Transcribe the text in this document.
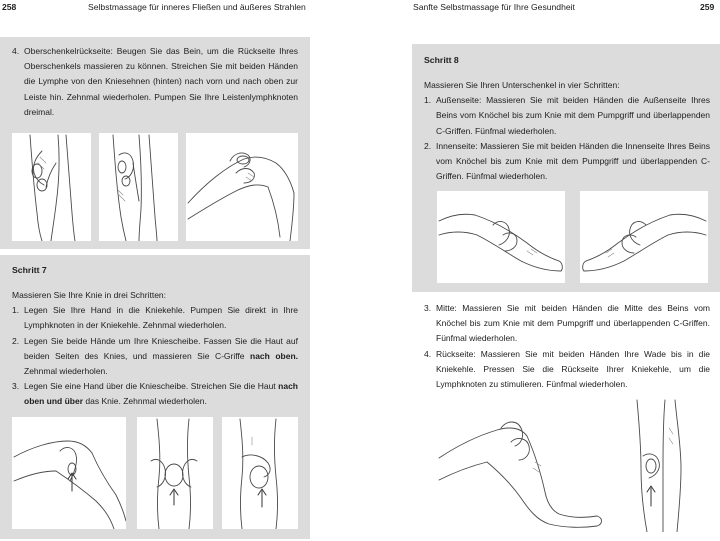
258	Selbstmassage für inneres Fließen und äußeres Strahlen	Sanfte Selbstmassage für Ihre Gesundheit	259
4. Oberschenkelrückseite: Beugen Sie das Bein, um die Rückseite Ihres Oberschenkels massieren zu können. Streichen Sie mit beiden Händen die Lymphe von den Kniesehnen (hinten) nach vorn und nach oben zur Leiste hin. Zehnmal wiederholen. Pumpen Sie Ihre Leistenlymphknoten dreimal.
Schritt 7

Massieren Sie Ihre Knie in drei Schritten:

1. Legen Sie Ihre Hand in die Kniekehle. Pumpen Sie direkt in Ihre Lymphknoten in der Kniekehle. Zehnmal wiederholen.
2. Legen Sie beide Hände um Ihre Kniescheibe. Fassen Sie die Haut auf beiden Seiten des Knies, und massieren Sie C-Griffe nach oben. Zehnmal wiederholen.
3. Legen Sie eine Hand über die Kniescheibe. Streichen Sie die Haut nach oben und über das Knie. Zehnmal wiederholen.
Schritt 8

Massieren Sie Ihren Unterschenkel in vier Schritten:

1. Außenseite: Massieren Sie mit beiden Händen die Außenseite Ihres Beins vom Knöchel bis zum Knie mit dem Pumpgriff und überlappenden C-Griffen. Fünfmal wiederholen.
2. Innenseite: Massieren Sie mit beiden Händen die Innenseite Ihres Beins vom Knöchel bis zum Knie mit dem Pumpgriff und überlappenden C-Griffen. Fünfmal wiederholen.
3. Mitte: Massieren Sie mit beiden Händen die Mitte des Beins vom Knöchel bis zum Knie mit dem Pumpgriff und überlappenden C-Griffen. Fünfmal wiederholen.
4. Rückseite: Massieren Sie mit beiden Händen Ihre Wade bis in die Kniekehle. Pressen Sie die Rückseite Ihrer Kniekehle, um die Lymphknoten zu stimulieren. Fünfmal wiederholen.
